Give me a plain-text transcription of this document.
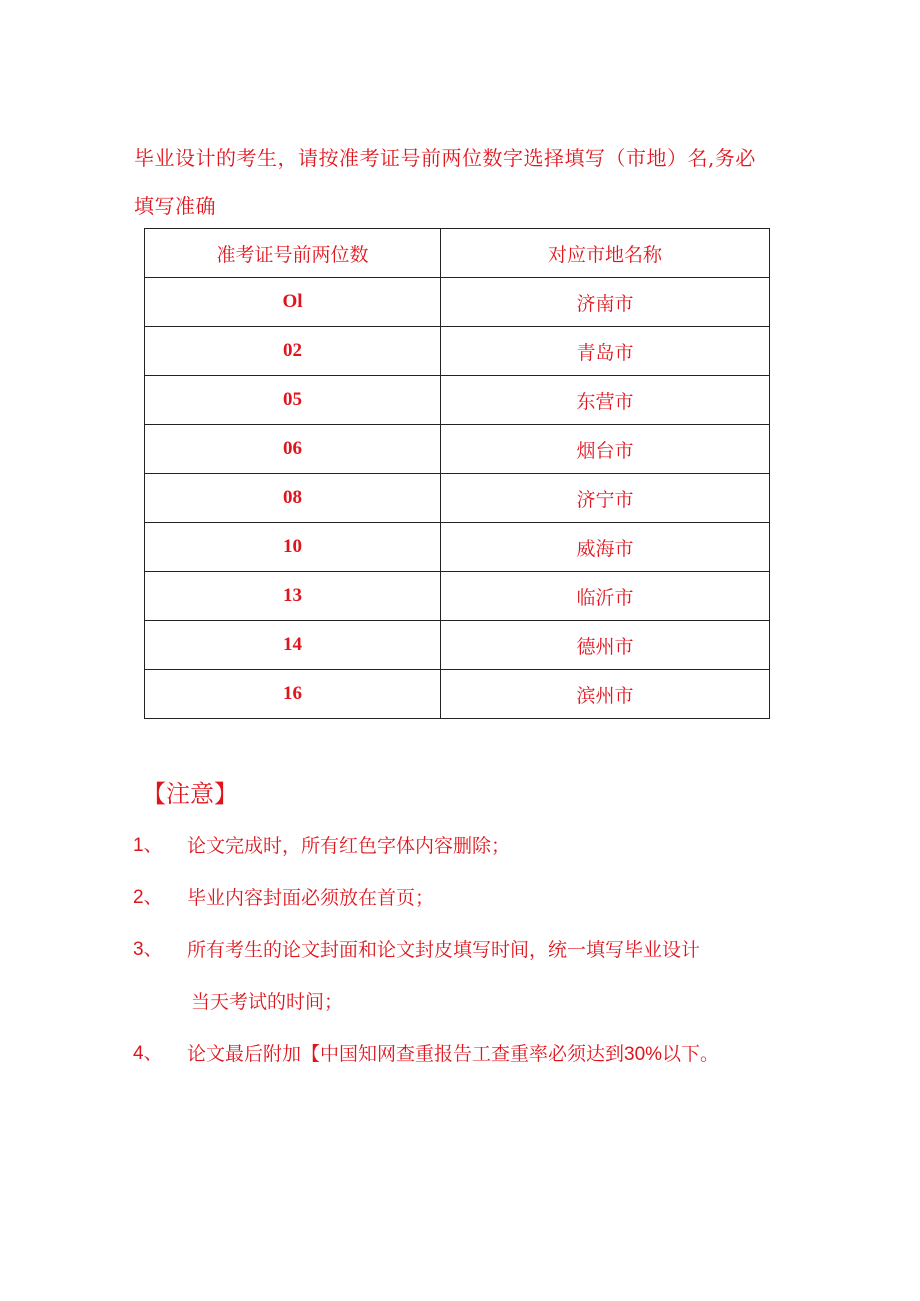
毕业设计的考生，请按准考证号前两位数字选择填写（市地）名,务必

填写准确

准考证号前两位数	对应市地名称
Ol	济南市
02	青岛市
05	东营市
06	烟台市
08	济宁市
10	威海市
13	临沂市
14	德州市
16	滨州市
【注意】
1、	论文完成时，所有红色字体内容删除；
2、	毕业内容封面必须放在首页；
3、	所有考生的论文封面和论文封皮填写时间，统一填写毕业设计
当天考试的时间；
4、	论文最后附加【中国知网查重报告工查重率必须达到30%以下。
